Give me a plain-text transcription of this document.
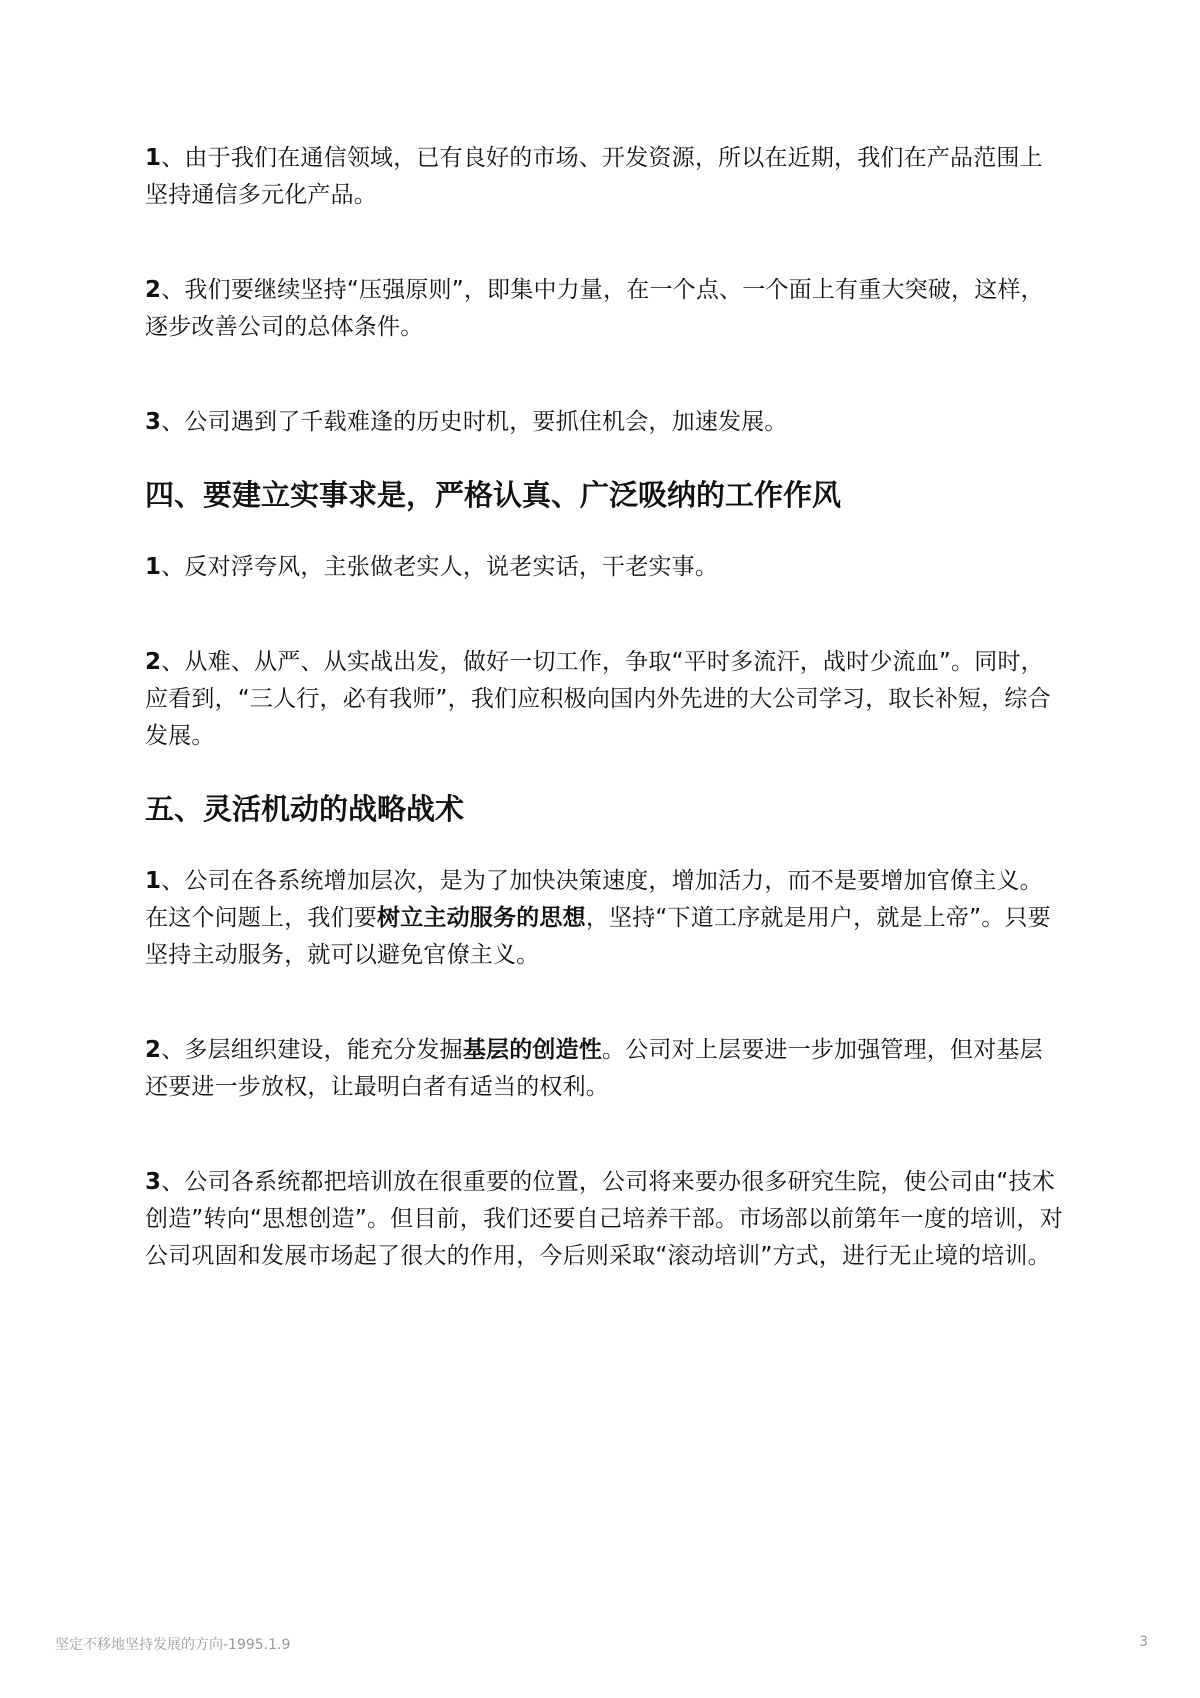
1、由于我们在通信领域，已有良好的市场、开发资源，所以在近期，我们在产品范围上坚持通信多元化产品。

2、我们要继续坚持“压强原则”，即集中力量，在一个点、一个面上有重大突破，这样，逐步改善公司的总体条件。

3、公司遇到了千载难逢的历史时机，要抓住机会，加速发展。

四、要建立实事求是，严格认真、广泛吸纳的工作作风

1、反对浮夸风，主张做老实人，说老实话，干老实事。

2、从难、从严、从实战出发，做好一切工作，争取“平时多流汗，战时少流血”。同时，应看到，“三人行，必有我师”，我们应积极向国内外先进的大公司学习，取长补短，综合发展。

五、灵活机动的战略战术

1、公司在各系统增加层次，是为了加快决策速度，增加活力，而不是要增加官僚主义。在这个问题上，我们要树立主动服务的思想，坚持“下道工序就是用户，就是上帝”。只要坚持主动服务，就可以避免官僚主义。

2、多层组织建设，能充分发掘基层的创造性。公司对上层要进一步加强管理，但对基层还要进一步放权，让最明白者有适当的权利。

3、公司各系统都把培训放在很重要的位置，公司将来要办很多研究生院，使公司由“技术创造”转向“思想创造”。但目前，我们还要自己培养干部。市场部以前第年一度的培训，对公司巩固和发展市场起了很大的作用，今后则采取“滚动培训”方式，进行无止境的培训。

坚定不移地坚持发展的方向-1995.1.9	3
